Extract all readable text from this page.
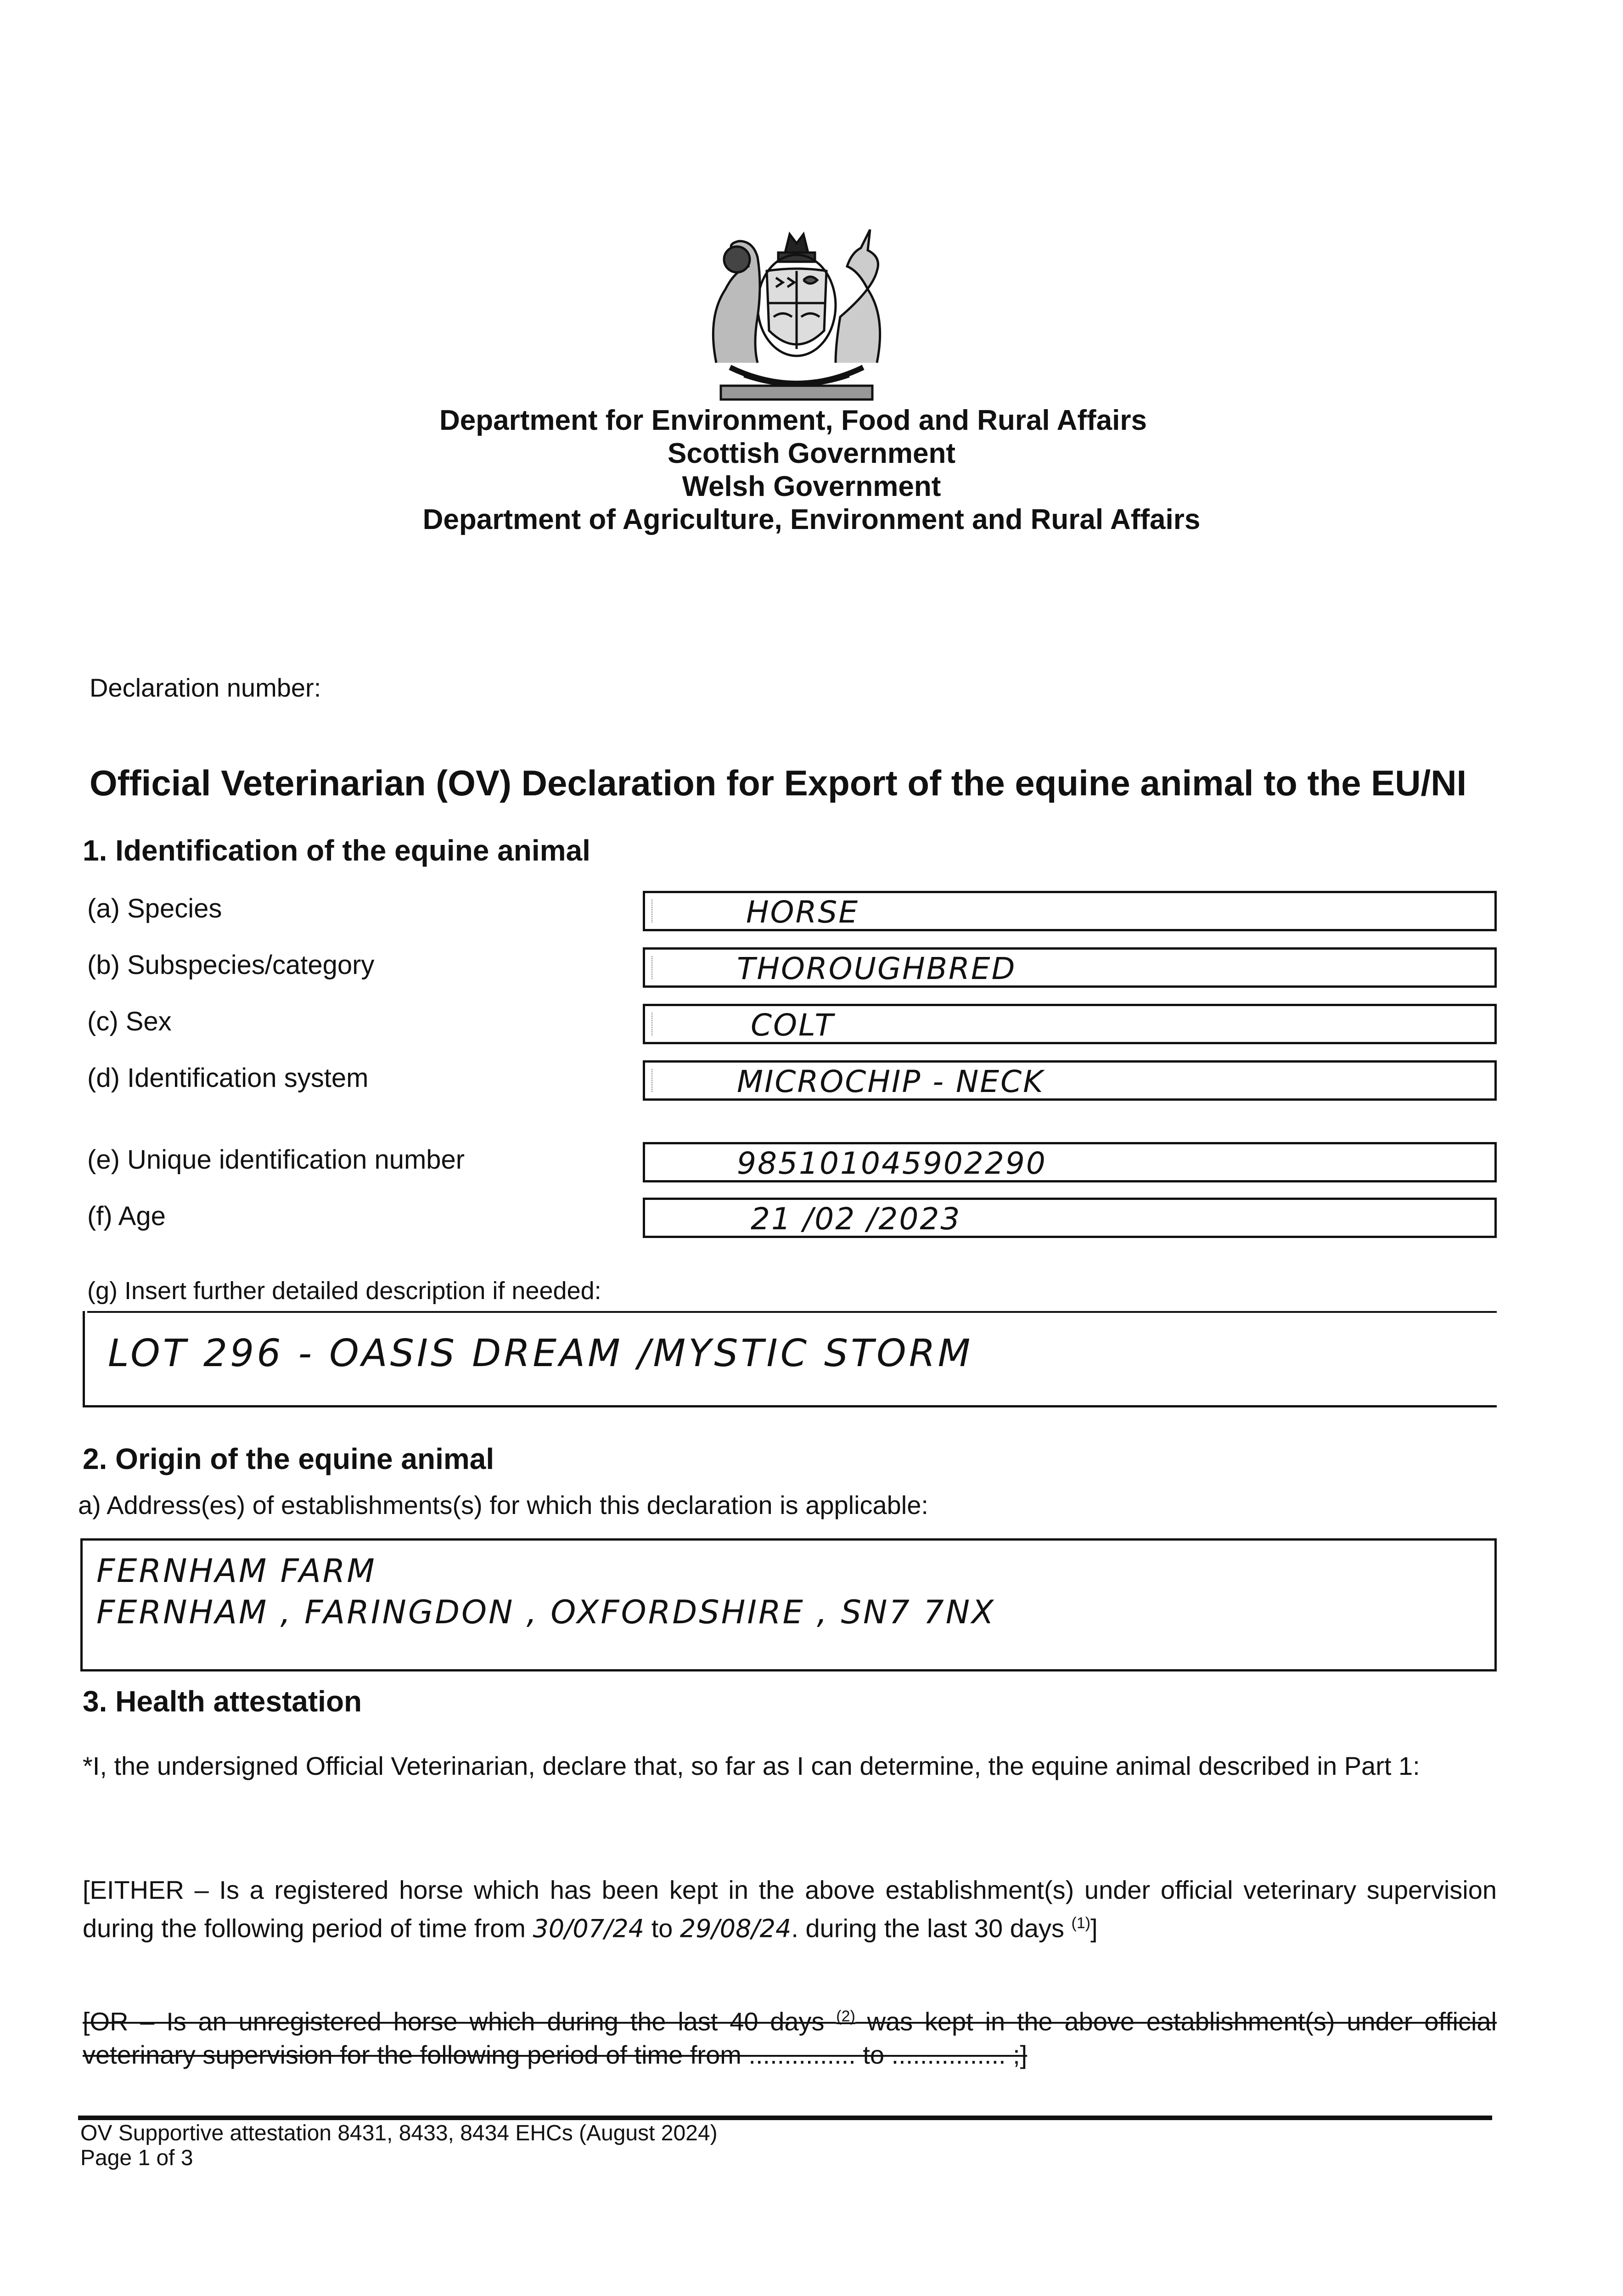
Department for Environment, Food and Rural Affairs
Scottish Government
Welsh Government
Department of Agriculture, Environment and Rural Affairs
Declaration number:
Official Veterinarian (OV) Declaration for Export of the equine animal to the EU/NI
1. Identification of the equine animal
(a) Species	HORSE
(b) Subspecies/category	THOROUGHBRED
(c) Sex	COLT
(d) Identification system	MICROCHIP - NECK
(e) Unique identification number	985101045902290
(f) Age	21 /02 /2023
(g) Insert further detailed description if needed:
LOT 296 - OASIS DREAM /MYSTIC STORM
2. Origin of the equine animal
a) Address(es) of establishments(s) for which this declaration is applicable:
FERNHAM FARM
FERNHAM , FARINGDON , OXFORDSHIRE , SN7 7NX
3. Health attestation
*I, the undersigned Official Veterinarian, declare that, so far as I can determine, the equine animal described in Part 1:
[EITHER – Is a registered horse which has been kept in the above establishment(s) under official veterinary supervision during the following period of time from 30/07/24 to 29/08/24. during the last 30 days $^{(1)}$]
[OR – Is an unregistered horse which during the last 40 days $^{(2)}$ was kept in the above establishment(s) under official veterinary supervision for the following period of time from ............... to ................ ;]
OV Supportive attestation 8431, 8433, 8434 EHCs (August 2024)
Page 1 of 3
